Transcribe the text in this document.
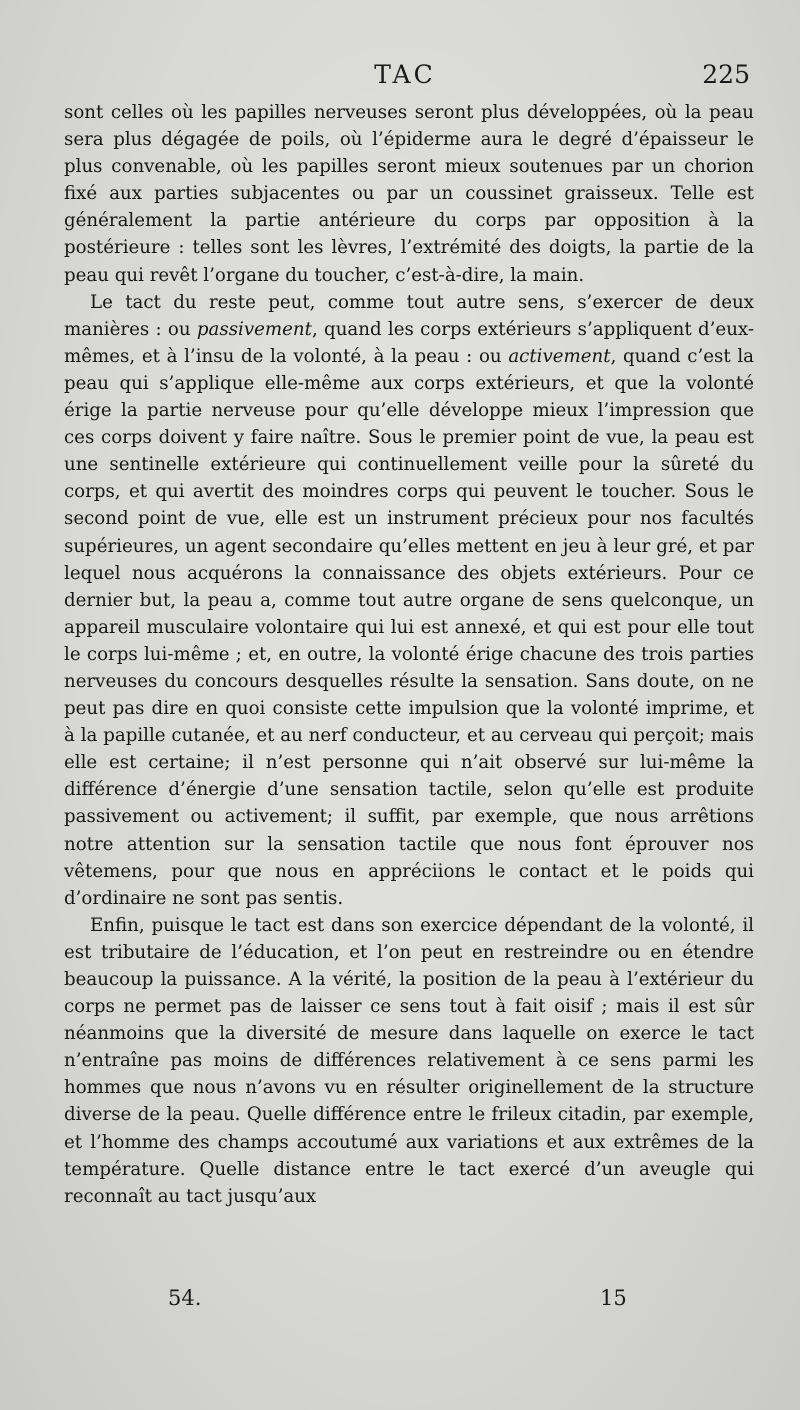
TAC	225

sont celles où les papilles nerveuses seront plus développées, où la peau sera plus dégagée de poils, où l’épiderme aura le degré d’épaisseur le plus convenable, où les papilles seront mieux soutenues par un chorion fixé aux parties subjacentes ou par un coussinet graisseux. Telle est généralement la partie antérieure du corps par opposition à la postérieure : telles sont les lèvres, l’extrémité des doigts, la partie de la peau qui revêt l’organe du toucher, c’est-à-dire, la main.

Le tact du reste peut, comme tout autre sens, s’exercer de deux manières : ou passivement, quand les corps extérieurs s’appliquent d’eux-mêmes, et à l’insu de la volonté, à la peau : ou activement, quand c’est la peau qui s’applique elle-même aux corps extérieurs, et que la volonté érige la partie nerveuse pour qu’elle développe mieux l’impression que ces corps doivent y faire naître. Sous le premier point de vue, la peau est une sentinelle extérieure qui continuellement veille pour la sûreté du corps, et qui avertit des moindres corps qui peuvent le toucher. Sous le second point de vue, elle est un instrument précieux pour nos facultés supérieures, un agent secondaire qu’elles mettent en jeu à leur gré, et par lequel nous acquérons la connaissance des objets extérieurs. Pour ce dernier but, la peau a, comme tout autre organe de sens quelconque, un appareil musculaire volontaire qui lui est annexé, et qui est pour elle tout le corps lui-même ; et, en outre, la volonté érige chacune des trois parties nerveuses du concours desquelles résulte la sensation. Sans doute, on ne peut pas dire en quoi consiste cette impulsion que la volonté imprime, et à la papille cutanée, et au nerf conducteur, et au cerveau qui perçoit; mais elle est certaine; il n’est personne qui n’ait observé sur lui-même la différence d’énergie d’une sensation tactile, selon qu’elle est produite passivement ou activement; il suffit, par exemple, que nous arrêtions notre attention sur la sensation tactile que nous font éprouver nos vêtemens, pour que nous en appréciions le contact et le poids qui d’ordinaire ne sont pas sentis.

Enfin, puisque le tact est dans son exercice dépendant de la volonté, il est tributaire de l’éducation, et l’on peut en restreindre ou en étendre beaucoup la puissance. A la vérité, la position de la peau à l’extérieur du corps ne permet pas de laisser ce sens tout à fait oisif ; mais il est sûr néanmoins que la diversité de mesure dans laquelle on exerce le tact n’entraîne pas moins de différences relativement à ce sens parmi les hommes que nous n’avons vu en résulter originellement de la structure diverse de la peau. Quelle différence entre le frileux citadin, par exemple, et l’homme des champs accoutumé aux variations et aux extrêmes de la température. Quelle distance entre le tact exercé d’un aveugle qui reconnaît au tact jusqu’aux

54.	15
